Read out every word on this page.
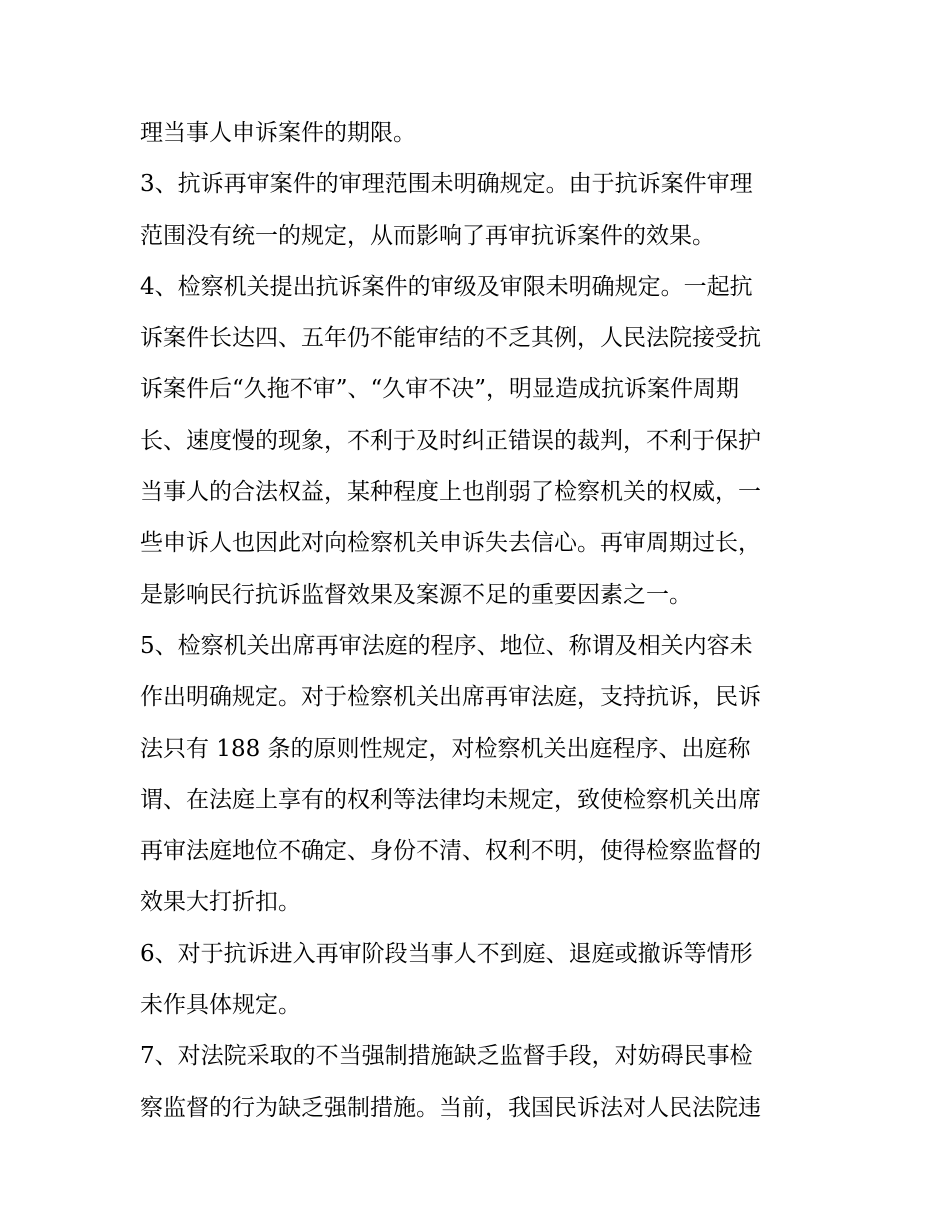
理当事人申诉案件的期限。
3、抗诉再审案件的审理范围未明确规定。由于抗诉案件审理
范围没有统一的规定，从而影响了再审抗诉案件的效果。
4、检察机关提出抗诉案件的审级及审限未明确规定。一起抗
诉案件长达四、五年仍不能审结的不乏其例，人民法院接受抗
诉案件后“久拖不审”、“久审不决”，明显造成抗诉案件周期
长、速度慢的现象，不利于及时纠正错误的裁判，不利于保护
当事人的合法权益，某种程度上也削弱了检察机关的权威，一
些申诉人也因此对向检察机关申诉失去信心。再审周期过长，
是影响民行抗诉监督效果及案源不足的重要因素之一。
5、检察机关出席再审法庭的程序、地位、称谓及相关内容未
作出明确规定。对于检察机关出席再审法庭，支持抗诉，民诉
法只有 188 条的原则性规定，对检察机关出庭程序、出庭称
谓、在法庭上享有的权利等法律均未规定，致使检察机关出席
再审法庭地位不确定、身份不清、权利不明，使得检察监督的
效果大打折扣。
6、对于抗诉进入再审阶段当事人不到庭、退庭或撤诉等情形
未作具体规定。
7、对法院采取的不当强制措施缺乏监督手段，对妨碍民事检
察监督的行为缺乏强制措施。当前，我国民诉法对人民法院违
